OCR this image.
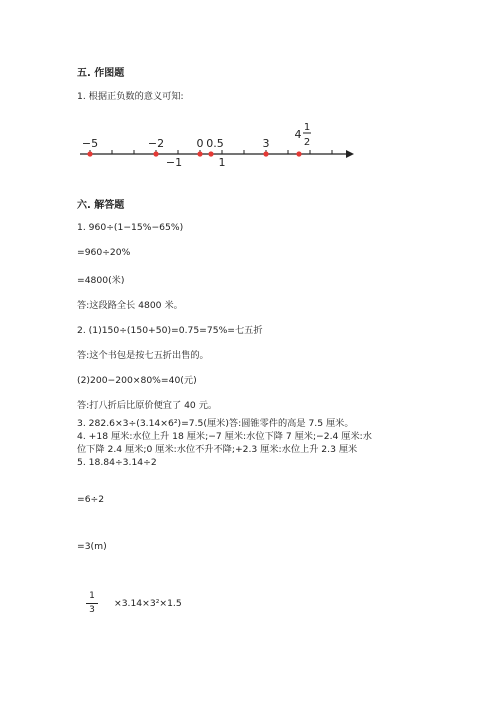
五. 作图题
1. 根据正负数的意义可知:
−5	−2	0 0.5	3
−1	1
4
1
2
六. 解答题
1. 960÷(1−15%−65%)
=960÷20%
=4800(米)
答:这段路全长 4800 米。
2. (1)150÷(150+50)=0.75=75%=七五折
答:这个书包是按七五折出售的。
(2)200−200×80%=40(元)
答:打八折后比原价便宜了 40 元。
3. 282.6×3÷(3.14×6²)=7.5(厘米)答:圆锥零件的高是 7.5 厘米。
4. +18 厘米:水位上升 18 厘米;−7 厘米:水位下降 7 厘米;−2.4 厘米:水
位下降 2.4 厘米;0 厘米:水位不升不降;+2.3 厘米:水位上升 2.3 厘米
5. 18.84÷3.14÷2
=6÷2
=3(m)
1
3
×3.14×3²×1.5
